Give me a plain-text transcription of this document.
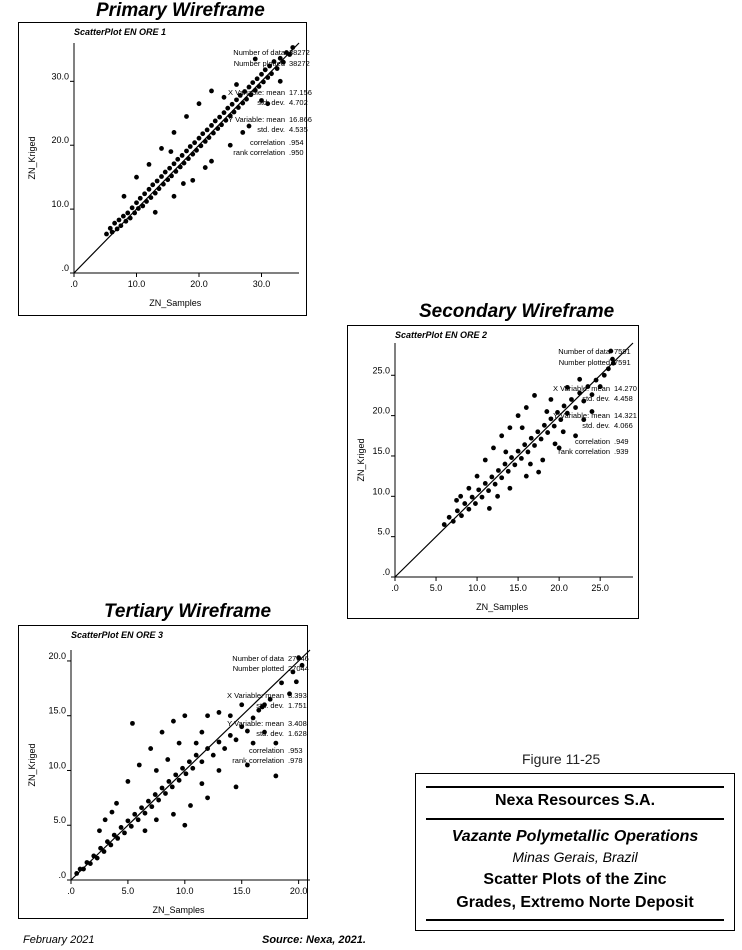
Primary Wireframe
ScatterPlot EN ORE 1
.0
10.0
20.0
30.0
.0	10.0	20.0	30.0
ZN_Samples
ZN_Kriged
Number of data 38272
Number plotted 38272
X Variable: mean 17.156
std. dev. 4.702
Y Variable: mean 16.866
std. dev. 4.535
correlation .954
rank correlation .950
Secondary Wireframe
ScatterPlot EN ORE 2
.0
5.0
10.0
15.0
20.0
25.0
.0	5.0	10.0	15.0	20.0	25.0
ZN_Samples
ZN_Kriged
Number of data 7591
Number plotted 7591
X Variable: mean 14.270
std. dev. 4.458
Y Variable: mean 14.321
std. dev. 4.066
correlation .949
rank correlation .939
Tertiary Wireframe
ScatterPlot EN ORE 3
.0
5.0
10.0
15.0
20.0
.0	5.0	10.0	15.0	20.0
ZN_Samples
ZN_Kriged
Number of data 27046
Number plotted 27044
X Variable: mean 3.393
std. dev. 1.751
Y Variable: mean 3.408
std. dev. 1.628
correlation .953
rank correlation .978	Figure 11-25
Nexa Resources S.A.
Vazante Polymetallic Operations
Minas Gerais, Brazil
Scatter Plots of the Zinc
Grades, Extremo Norte Deposit
February 2021	Source: Nexa, 2021.
